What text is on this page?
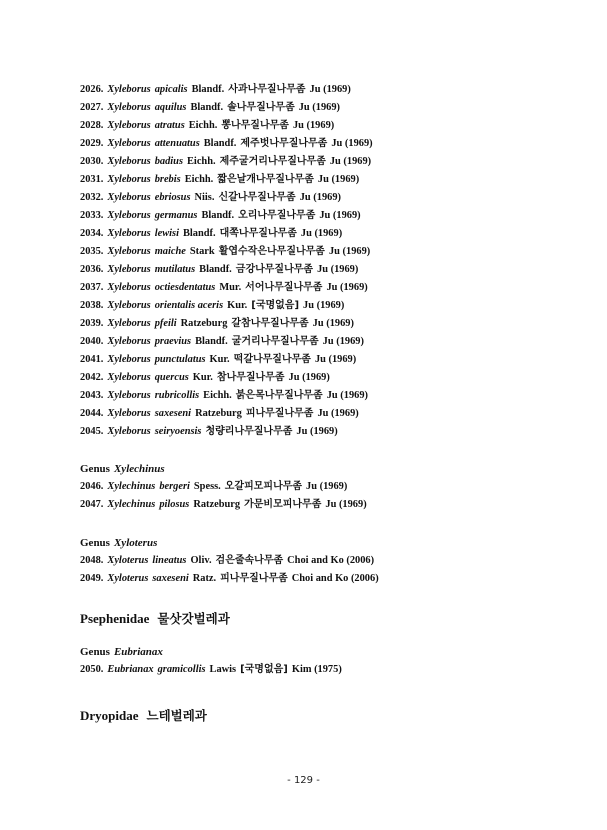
2026. Xyleborus apicalis Blandf. 사과나무질나무좀 Ju (1969)
2027. Xyleborus aquilus Blandf. 솔나무질나무좀 Ju (1969)
2028. Xyleborus atratus Eichh. 뽕나무질나무좀 Ju (1969)
2029. Xyleborus attenuatus Blandf. 제주벗나무질나무좀 Ju (1969)
2030. Xyleborus badius Eichh. 제주굴거리나무질나무좀 Ju (1969)
2031. Xyleborus brebis Eichh. 짧은날개나무질나무좀 Ju (1969)
2032. Xyleborus ebriosus Niis. 신갈나무질나무좀 Ju (1969)
2033. Xyleborus germanus Blandf. 오리나무질나무좀 Ju (1969)
2034. Xyleborus lewisi Blandf. 대쪽나무질나무좀 Ju (1969)
2035. Xyleborus maiche Stark 활엽수작은나무질나무좀 Ju (1969)
2036. Xyleborus mutilatus Blandf. 금강나무질나무좀 Ju (1969)
2037. Xyleborus octiesdentatus Mur. 서어나무질나무좀 Ju (1969)
2038. Xyleborus orientalis aceris Kur. [국명없음] Ju (1969)
2039. Xyleborus pfeili Ratzeburg 갈참나무질나무좀 Ju (1969)
2040. Xyleborus praevius Blandf. 굴거리나무질나무좀 Ju (1969)
2041. Xyleborus punctulatus Kur. 떡갈나무질나무좀 Ju (1969)
2042. Xyleborus quercus Kur. 참나무질나무좀 Ju (1969)
2043. Xyleborus rubricollis Eichh. 붉은목나무질나무좀 Ju (1969)
2044. Xyleborus saxeseni Ratzeburg 피나무질나무좀 Ju (1969)
2045. Xyleborus seiryoensis 청량리나무질나무좀 Ju (1969)
Genus Xylechinus
2046. Xylechinus bergeri Spess. 오갈피모피나무좀 Ju (1969)
2047. Xylechinus pilosus Ratzeburg 가문비모피나무좀 Ju (1969)
Genus Xyloterus
2048. Xyloterus lineatus Oliv. 검은줄속나무좀 Choi and Ko (2006)
2049. Xyloterus saxeseni Ratz. 피나무질나무좀 Choi and Ko (2006)
Psephenidae 물삿갓벌레과
Genus Eubrianax
2050. Eubrianax gramicollis Lawis [국명없음] Kim (1975)
Dryopidae 느테벌레과
- 129 -
